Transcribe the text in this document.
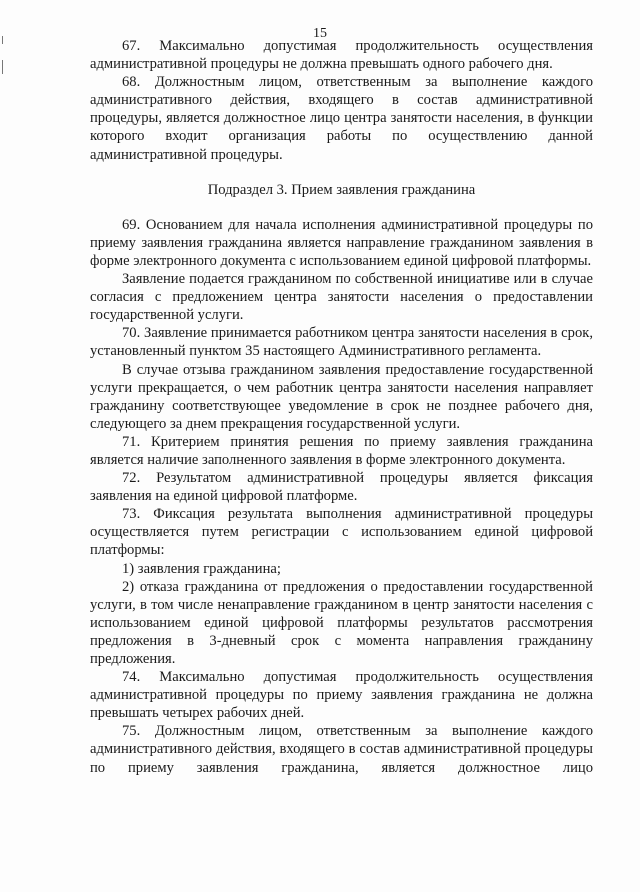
15

67. Максимально допустимая продолжительность осуществления административной процедуры не должна превышать одного рабочего дня.

68. Должностным лицом, ответственным за выполнение каждого административного действия, входящего в состав административной процедуры, является должностное лицо центра занятости населения, в функции которого входит организация работы по осуществлению данной административной процедуры.

Подраздел 3. Прием заявления гражданина

69. Основанием для начала исполнения административной процедуры по приему заявления гражданина является направление гражданином заявления в форме электронного документа с использованием единой цифровой платформы.

Заявление подается гражданином по собственной инициативе или в случае согласия с предложением центра занятости населения о предоставлении государственной услуги.

70. Заявление принимается работником центра занятости населения в срок, установленный пунктом 35 настоящего Административного регламента.

В случае отзыва гражданином заявления предоставление государственной услуги прекращается, о чем работник центра занятости населения направляет гражданину соответствующее уведомление в срок не позднее рабочего дня, следующего за днем прекращения государственной услуги.

71. Критерием принятия решения по приему заявления гражданина является наличие заполненного заявления в форме электронного документа.

72. Результатом административной процедуры является фиксация заявления на единой цифровой платформе.

73. Фиксация результата выполнения административной процедуры осуществляется путем регистрации с использованием единой цифровой платформы:

1) заявления гражданина;

2) отказа гражданина от предложения о предоставлении государственной услуги, в том числе ненаправление гражданином в центр занятости населения с использованием единой цифровой платформы результатов рассмотрения предложения в 3-дневный срок с момента направления гражданину предложения.

74. Максимально допустимая продолжительность осуществления административной процедуры по приему заявления гражданина не должна превышать четырех рабочих дней.

75. Должностным лицом, ответственным за выполнение каждого административного действия, входящего в состав административной процедуры по приему заявления гражданина, является должностное лицо
